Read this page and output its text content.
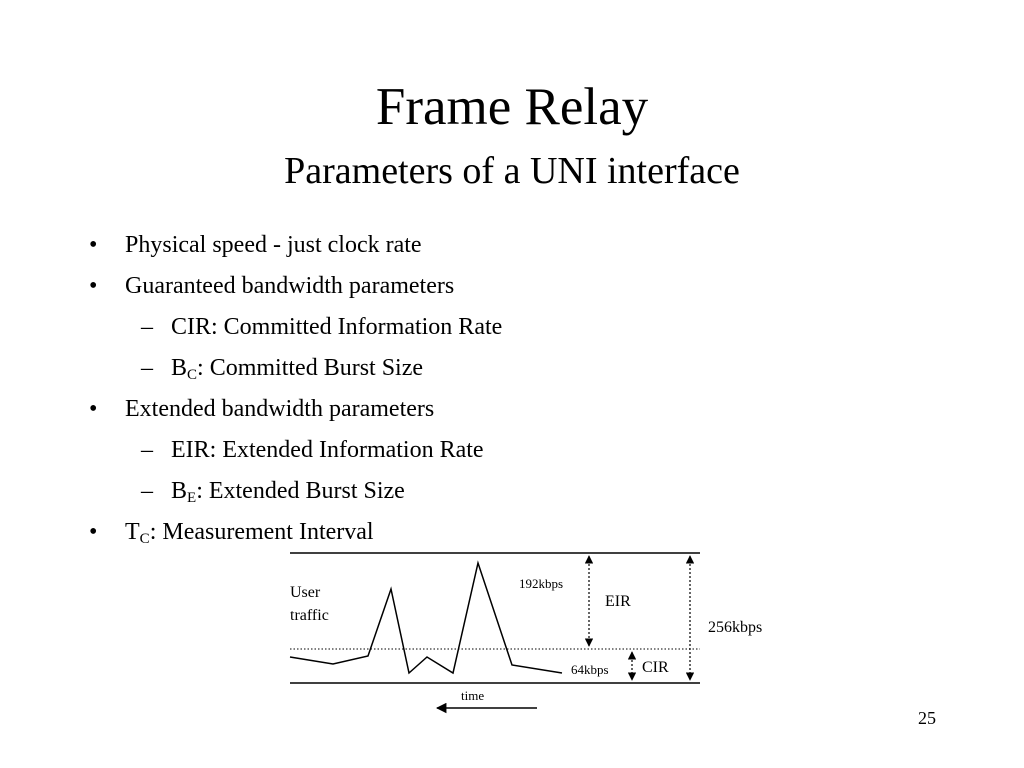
Frame Relay
Parameters of a UNI interface
• Physical speed - just clock rate
• Guaranteed bandwidth parameters
– CIR: Committed Information Rate
– $B_C$: Committed Burst Size
• Extended bandwidth parameters
– EIR: Extended Information Rate
– $B_E$: Extended Burst Size
• $T_C$: Measurement Interval
User
traffic
192kbps
EIR
256kbps
64kbps CIR
time
25
